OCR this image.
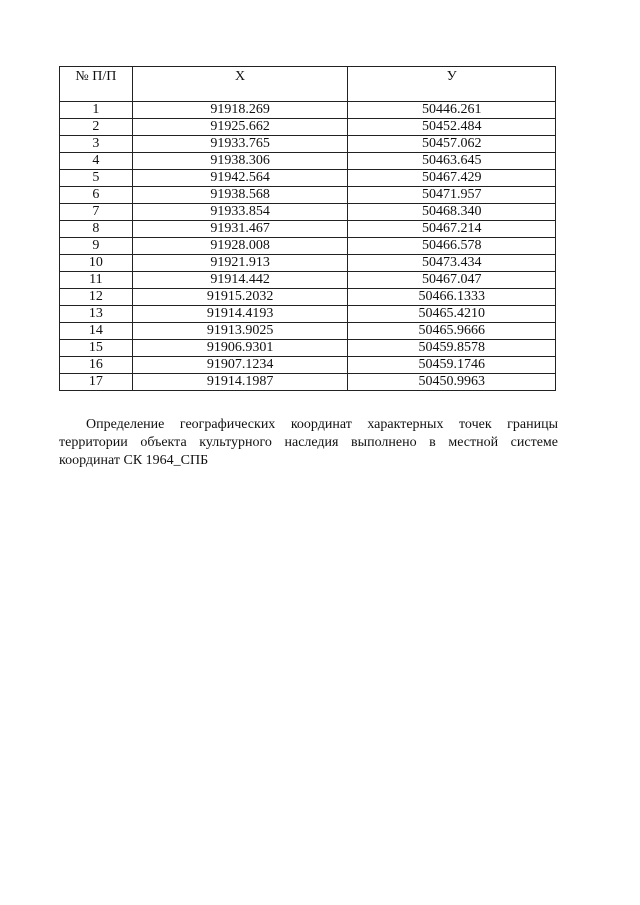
№ П/П	X	У
1	91918.269	50446.261
2	91925.662	50452.484
3	91933.765	50457.062
4	91938.306	50463.645
5	91942.564	50467.429
6	91938.568	50471.957
7	91933.854	50468.340
8	91931.467	50467.214
9	91928.008	50466.578
10	91921.913	50473.434
11	91914.442	50467.047
12	91915.2032	50466.1333
13	91914.4193	50465.4210
14	91913.9025	50465.9666
15	91906.9301	50459.8578
16	91907.1234	50459.1746
17	91914.1987	50450.9963

Определение географических координат характерных точек границы территории объекта культурного наследия выполнено в местной системе координат СК 1964_СПБ
